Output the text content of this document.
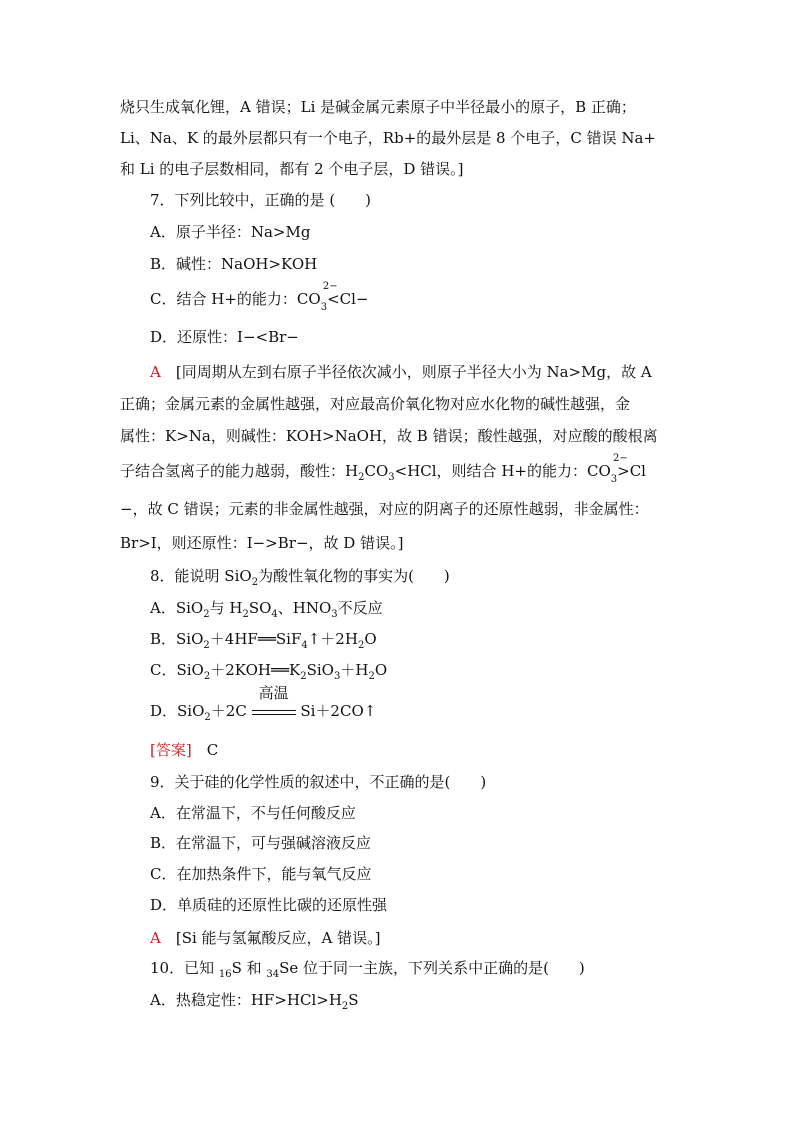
烧只生成氧化锂，A 错误；Li 是碱金属元素原子中半径最小的原子，B 正确；
Li、Na、K 的最外层都只有一个电子，Rb+的最外层是 8 个电子，C 错误 Na+
和 Li 的电子层数相同，都有 2 个电子层，D 错误。]
7．下列比较中，正确的是 (　　)
A．原子半径：Na>Mg
B．碱性：NaOH>KOH
C．结合 H+的能力：CO
2−
$_3$<Cl−
D．还原性：I−<Br−
A　 [同周期从左到右原子半径依次减小，则原子半径大小为 Na>Mg，故 A
正确；金属元素的金属性越强，对应最高价氧化物对应水化物的碱性越强，金
属性：K>Na，则碱性：KOH>NaOH，故 B 错误；酸性越强，对应酸的酸根离
子结合氢离子的能力越弱，酸性：$H_2CO_3<HCl$，则结合 H+的能力：CO
2−
$_3$>Cl
−，故 C 错误；元素的非金属性越强，对应的阴离子的还原性越弱，非金属性：
Br>I，则还原性：I−>Br−，故 D 错误。]
8．能说明 SiO$_2$为酸性氧化物的事实为(　　)
A．SiO$_2$与 $H_2SO_4$、$HNO_3$不反应
B．$SiO_2+4HF══SiF_4↑+2H_2O$
C．$SiO_2+2KOH══K_2SiO_3+H_2O$
D．SiO$_2$＋2C
高温
Si＋2CO↑
[答案]　 C
9．关于硅的化学性质的叙述中，不正确的是(　　)
A．在常温下，不与任何酸反应
B．在常温下，可与强碱溶液反应
C．在加热条件下，能与氧气反应
D．单质硅的还原性比碳的还原性强
A　 [Si 能与氢氟酸反应，A 错误。]
10．已知 $_{16}$S 和 $_{34}$Se 位于同一主族，下列关系中正确的是(　　)
A．热稳定性：$HF>HCl>H_2S$
